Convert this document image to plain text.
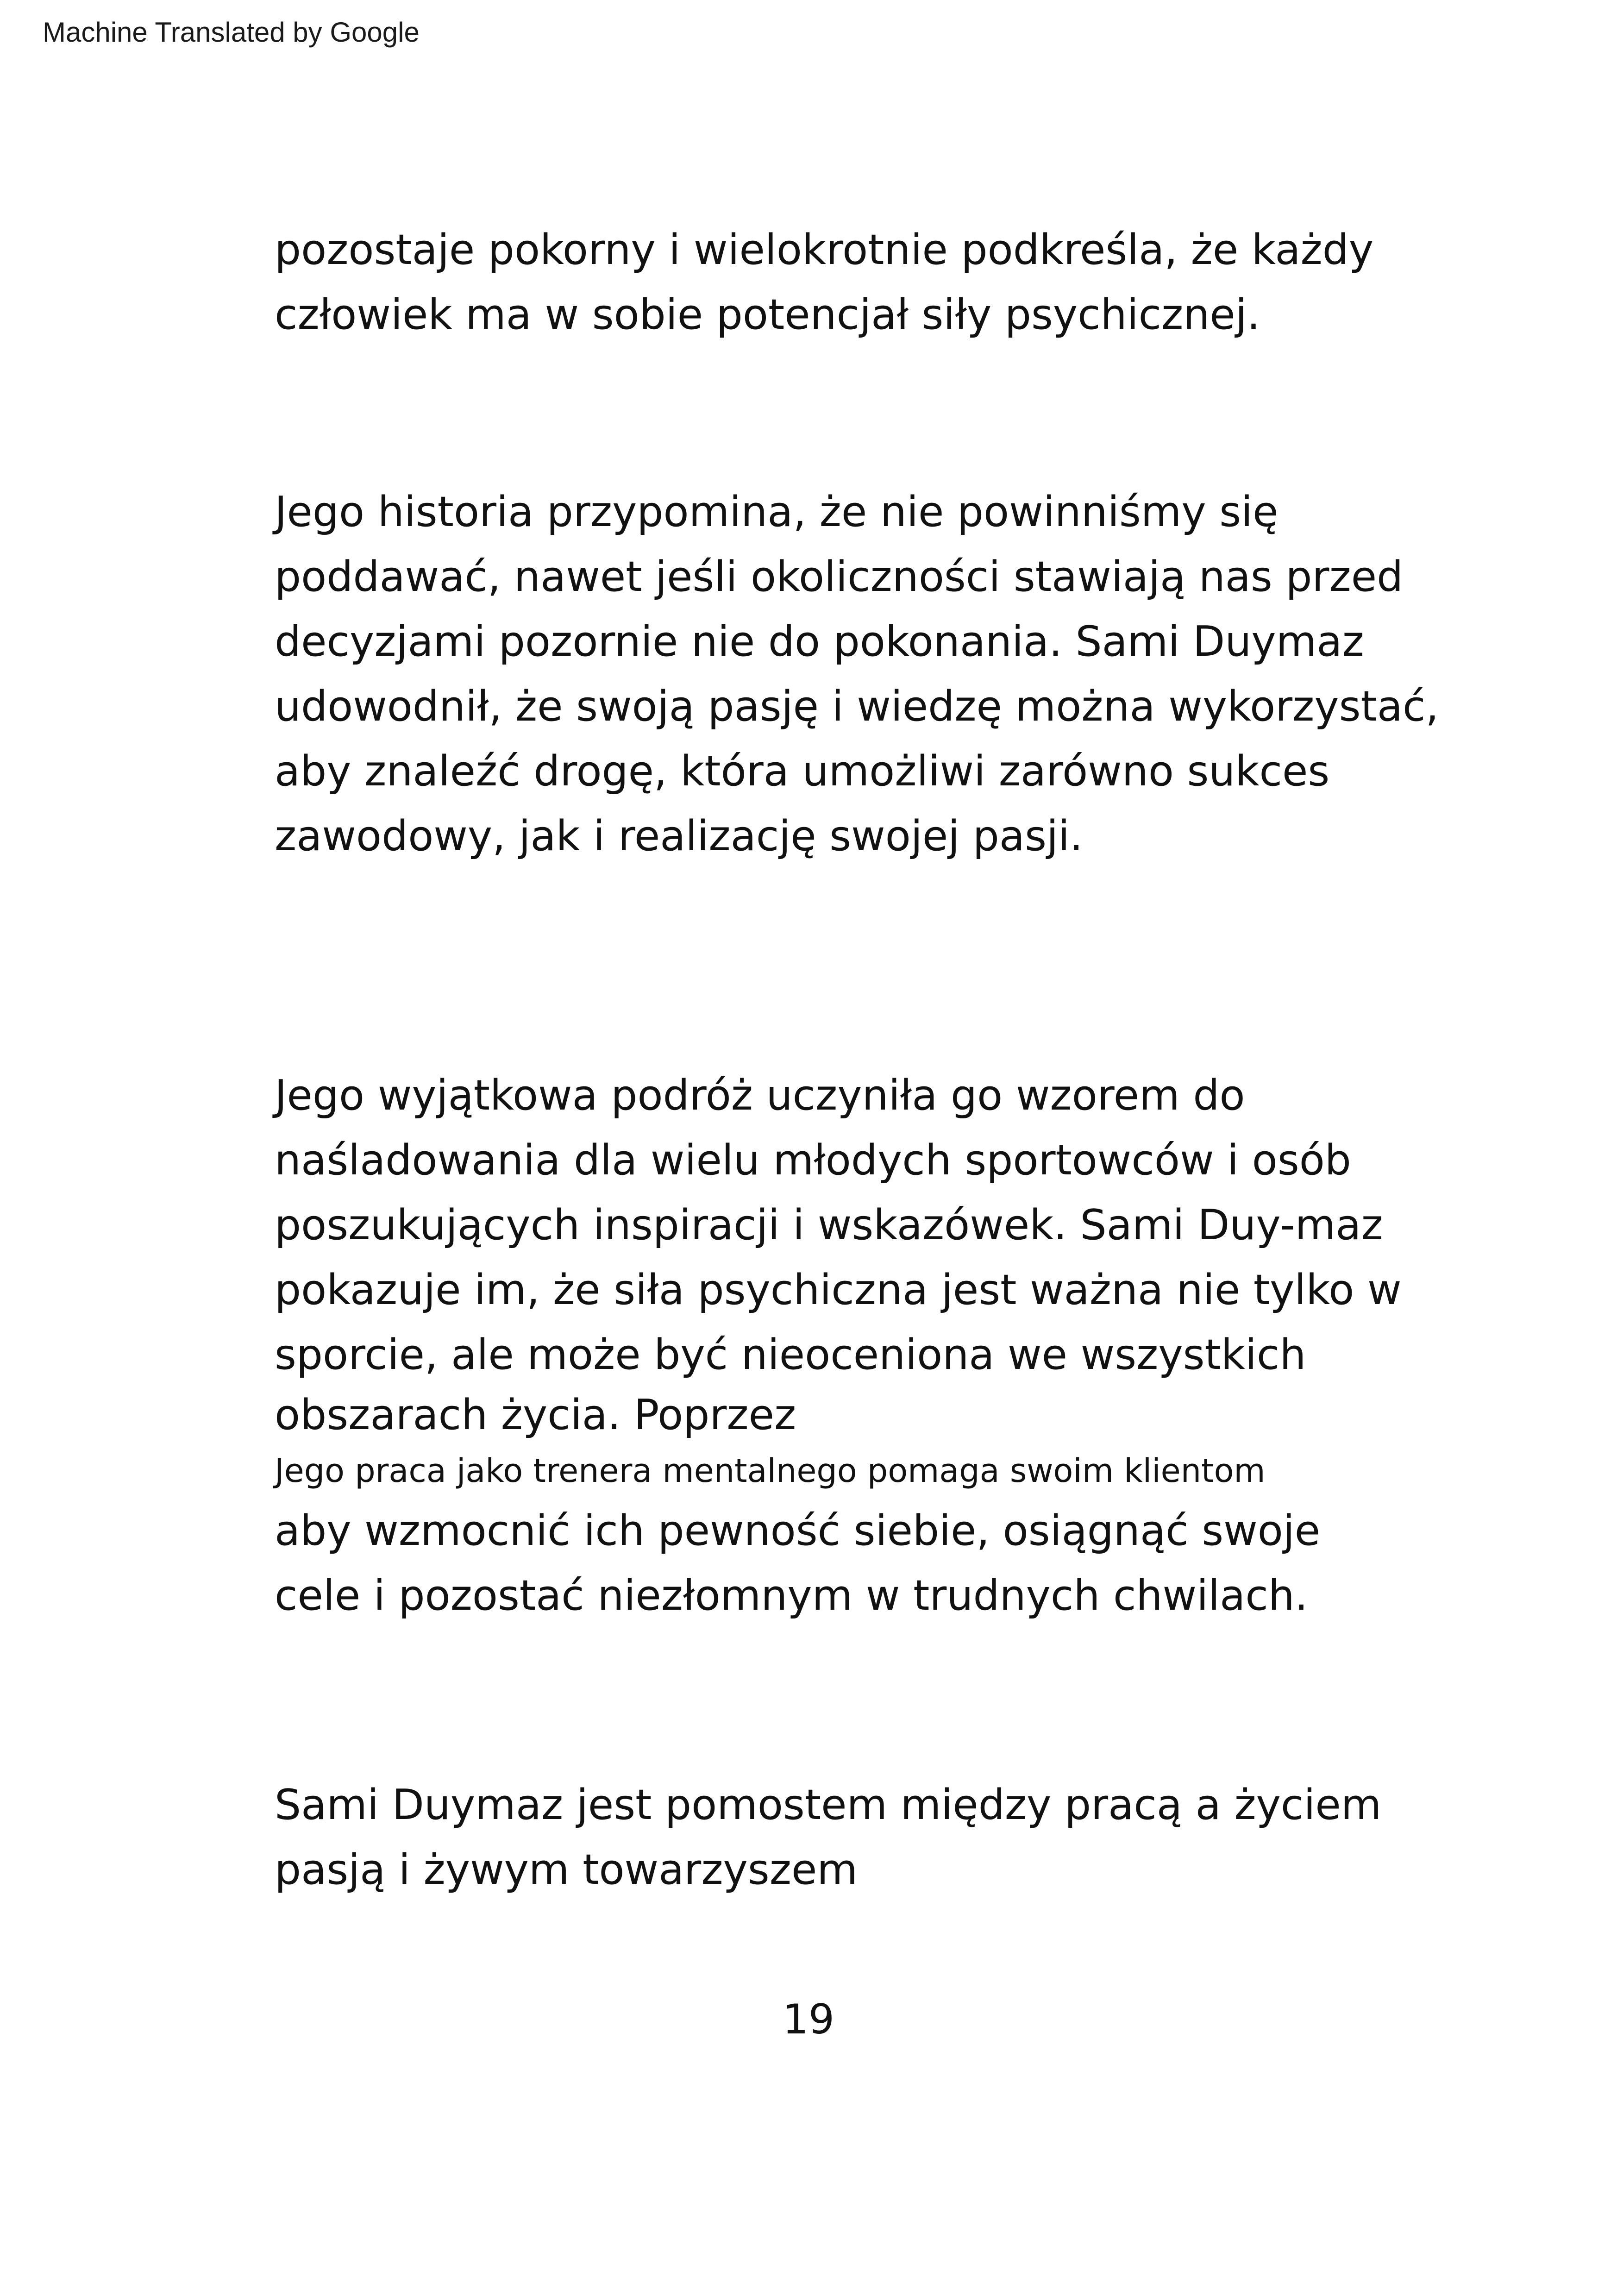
Machine Translated by Google
pozostaje pokorny i wielokrotnie podkreśla, że każdy
człowiek ma w sobie potencjał siły psychicznej.
Jego historia przypomina, że nie powinniśmy się
poddawać, nawet jeśli okoliczności stawiają nas przed
decyzjami pozornie nie do pokonania. Sami Duymaz
udowodnił, że swoją pasję i wiedzę można wykorzystać,
aby znaleźć drogę, która umożliwi zarówno sukces
zawodowy, jak i realizację swojej pasji.
Jego wyjątkowa podróż uczyniła go wzorem do
naśladowania dla wielu młodych sportowców i osób
poszukujących inspiracji i wskazówek. Sami Duy-maz
pokazuje im, że siła psychiczna jest ważna nie tylko w
sporcie, ale może być nieoceniona we wszystkich
obszarach życia. Poprzez
Jego praca jako trenera mentalnego pomaga swoim klientom
aby wzmocnić ich pewność siebie, osiągnąć swoje
cele i pozostać niezłomnym w trudnych chwilach.
Sami Duymaz jest pomostem między pracą a życiem
pasją i żywym towarzyszem
19
